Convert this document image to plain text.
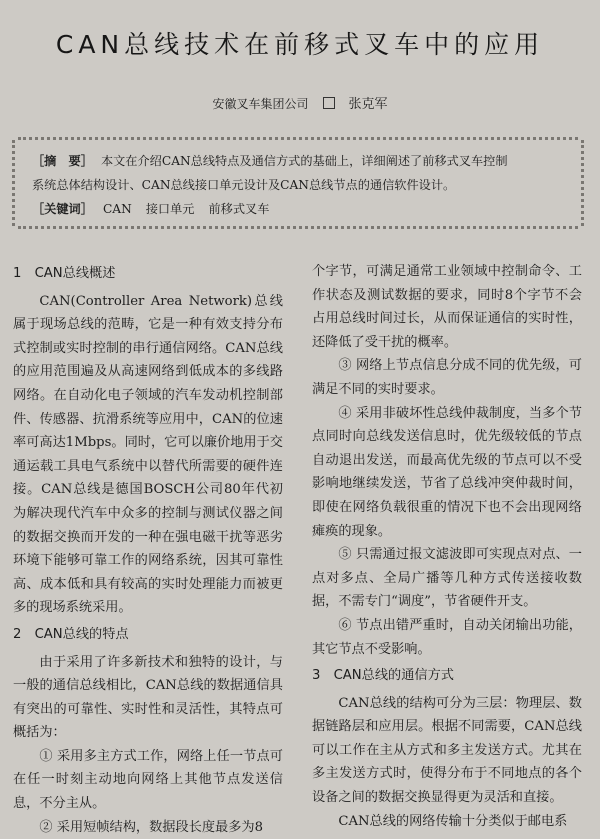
CAN总线技术在前移式叉车中的应用
安徽叉车集团公司	张克军
［摘　要］ 本文在介绍CAN总线特点及通信方式的基础上，详细阐述了前移式叉车控制
系统总体结构设计、CAN总线接口单元设计及CAN总线节点的通信软件设计。
［关键词］ CAN 接口单元 前移式叉车

1　CAN总线概述

CAN(Controller Area Network)总线属于现场总线的范畴，它是一种有效支持分布式控制或实时控制的串行通信网络。CAN总线的应用范围遍及从高速网络到低成本的多线路网络。在自动化电子领域的汽车发动机控制部件、传感器、抗滑系统等应用中，CAN的位速率可高达1Mbps。同时，它可以廉价地用于交通运载工具电气系统中以替代所需要的硬件连接。CAN总线是德国BOSCH公司80年代初为解决现代汽车中众多的控制与测试仪器之间的数据交换而开发的一种在强电磁干扰等恶劣环境下能够可靠工作的网络系统，因其可靠性高、成本低和具有较高的实时处理能力而被更多的现场系统采用。

2　CAN总线的特点

由于采用了许多新技术和独特的设计，与一般的通信总线相比，CAN总线的数据通信具有突出的可靠性、实时性和灵活性，其特点可概括为：

① 采用多主方式工作，网络上任一节点可在任一时刻主动地向网络上其他节点发送信息，不分主从。

② 采用短帧结构，数据段长度最多为8

个字节，可满足通常工业领域中控制命令、工作状态及测试数据的要求，同时8个字节不会占用总线时间过长，从而保证通信的实时性，还降低了受干扰的概率。

③ 网络上节点信息分成不同的优先级，可满足不同的实时要求。

④ 采用非破坏性总线仲裁制度，当多个节点同时向总线发送信息时，优先级较低的节点自动退出发送，而最高优先级的节点可以不受影响地继续发送，节省了总线冲突仲裁时间，即使在网络负载很重的情况下也不会出现网络瘫痪的现象。

⑤ 只需通过报文滤波即可实现点对点、一点对多点、全局广播等几种方式传送接收数据，不需专门“调度”，节省硬件开支。

⑥ 节点出错严重时，自动关闭输出功能，其它节点不受影响。

3　CAN总线的通信方式

CAN总线的结构可分为三层：物理层、数据链路层和应用层。根据不同需要，CAN总线可以工作在主从方式和多主发送方式。尤其在多主发送方式时，使得分布于不同地点的各个设备之间的数据交换显得更为灵活和直接。

CAN总线的网络传输十分类似于邮电系
